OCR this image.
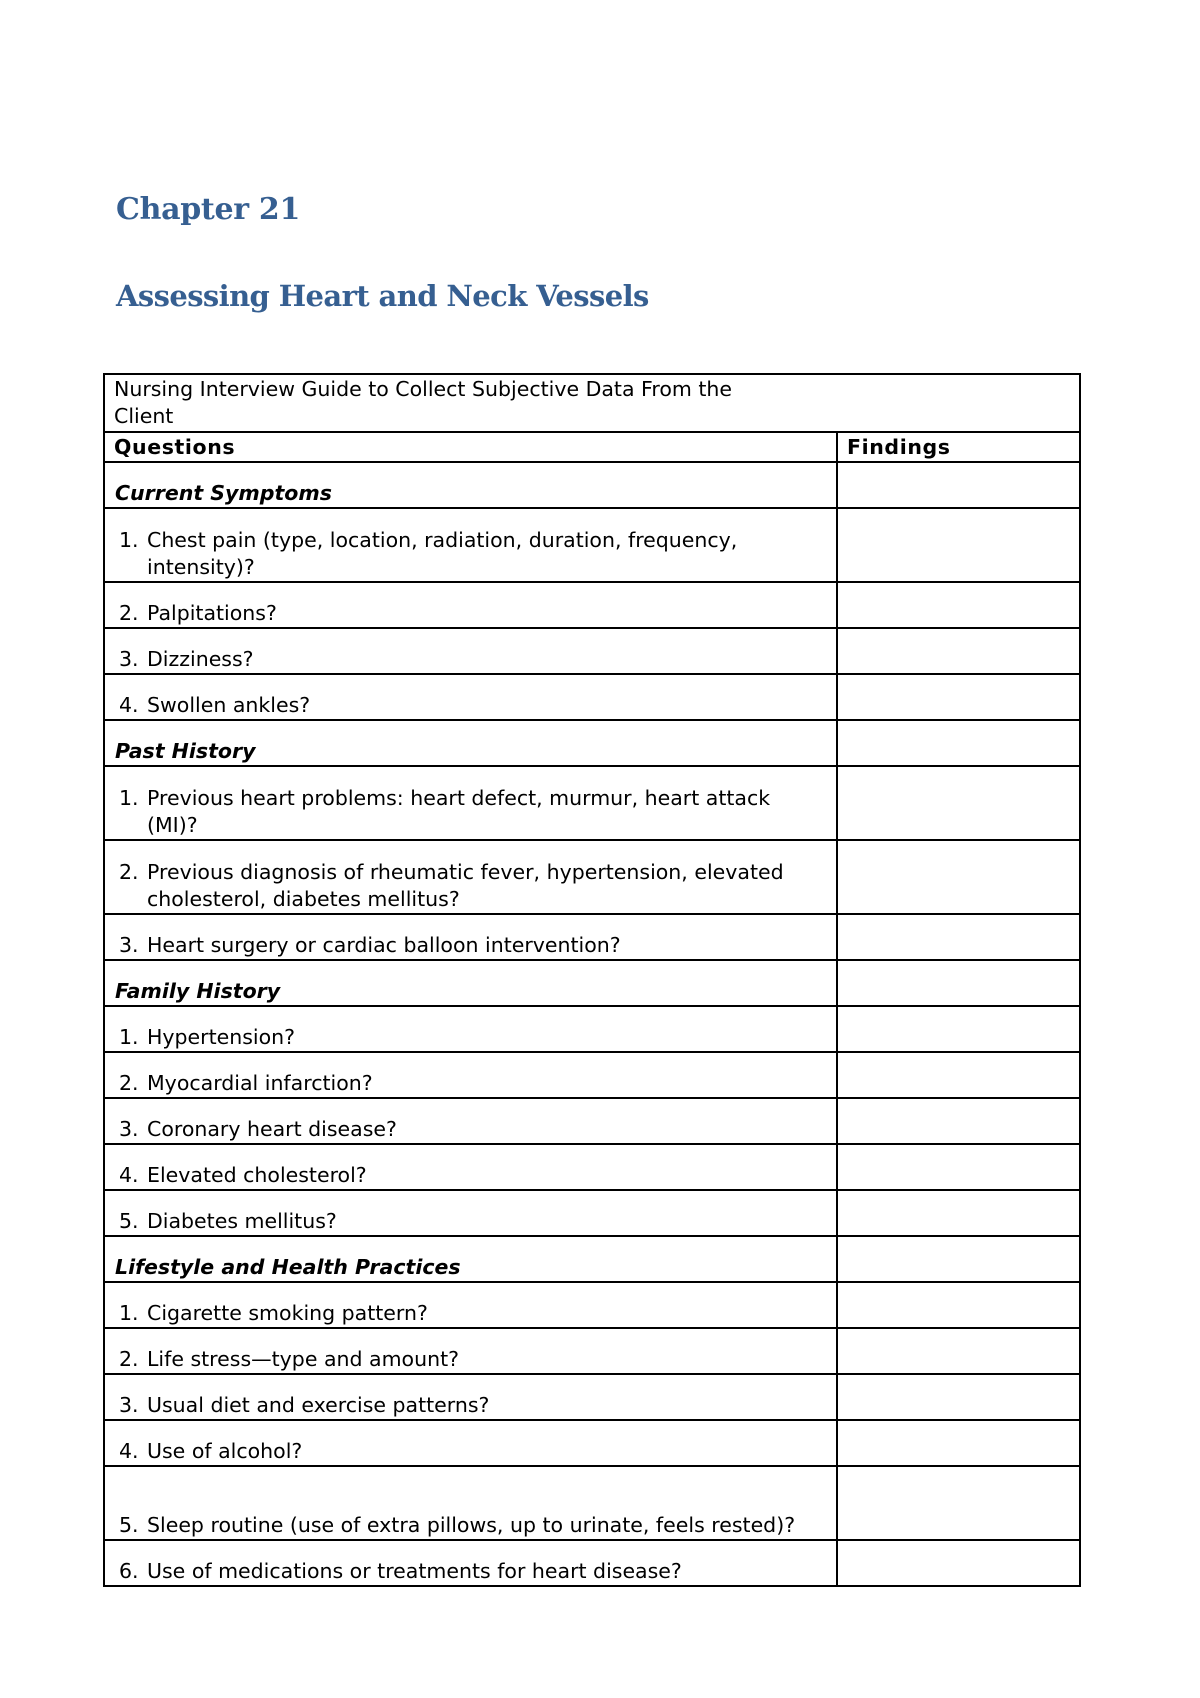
Chapter 21
Assessing Heart and Neck Vessels
Nursing Interview Guide to Collect Subjective Data From the Client	

Questions	Findings
Current Symptoms	

1. Chest pain (type, location, radiation, duration, frequency, intensity)?	

2. Palpitations?	

3. Dizziness?	

4. Swollen ankles?	

Past History	

1. Previous heart problems: heart defect, murmur, heart attack (MI)?	

2. Previous diagnosis of rheumatic fever, hypertension, elevated cholesterol, diabetes mellitus?	

3. Heart surgery or cardiac balloon intervention?	

Family History	

1. Hypertension?	

2. Myocardial infarction?	

3. Coronary heart disease?	

4. Elevated cholesterol?	

5. Diabetes mellitus?	

Lifestyle and Health Practices	

1. Cigarette smoking pattern?	

2. Life stress—type and amount?	

3. Usual diet and exercise patterns?	

4. Use of alcohol?	

5. Sleep routine (use of extra pillows, up to urinate, feels rested)?	

6. Use of medications or treatments for heart disease?	
